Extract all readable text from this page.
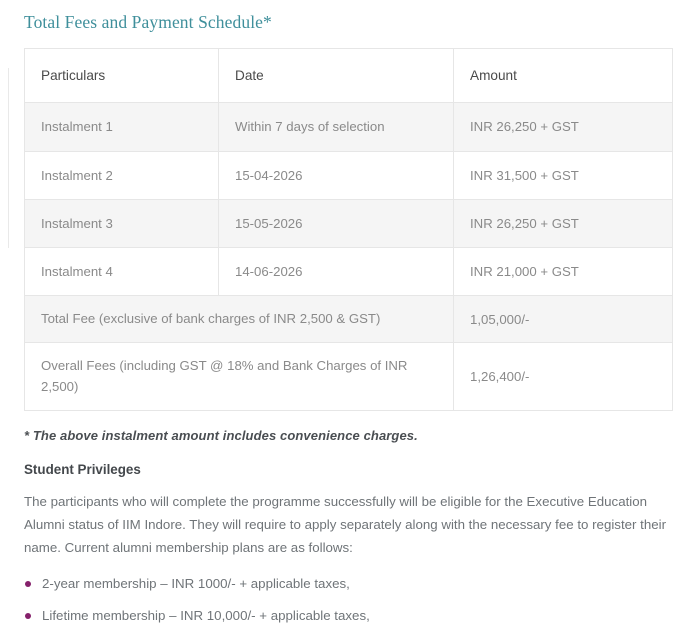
Total Fees and Payment Schedule*
Particulars	Date	Amount
Instalment 1	Within 7 days of selection	INR 26,250 + GST
Instalment 2	15-04-2026	INR 31,500 + GST
Instalment 3	15-05-2026	INR 26,250 + GST
Instalment 4	14-06-2026	INR 21,000 + GST
Total Fee (exclusive of bank charges of INR 2,500 & GST)		1,05,000/-
Overall Fees (including GST @ 18% and Bank Charges of INR 2,500)		1,26,400/-

* The above instalment amount includes convenience charges.

Student Privileges

The participants who will complete the programme successfully will be eligible for the Executive Education Alumni status of IIM Indore. They will require to apply separately along with the necessary fee to register their name. Current alumni membership plans are as follows:

2-year membership – INR 1000/- + applicable taxes,
Lifetime membership – INR 10,000/- + applicable taxes,
